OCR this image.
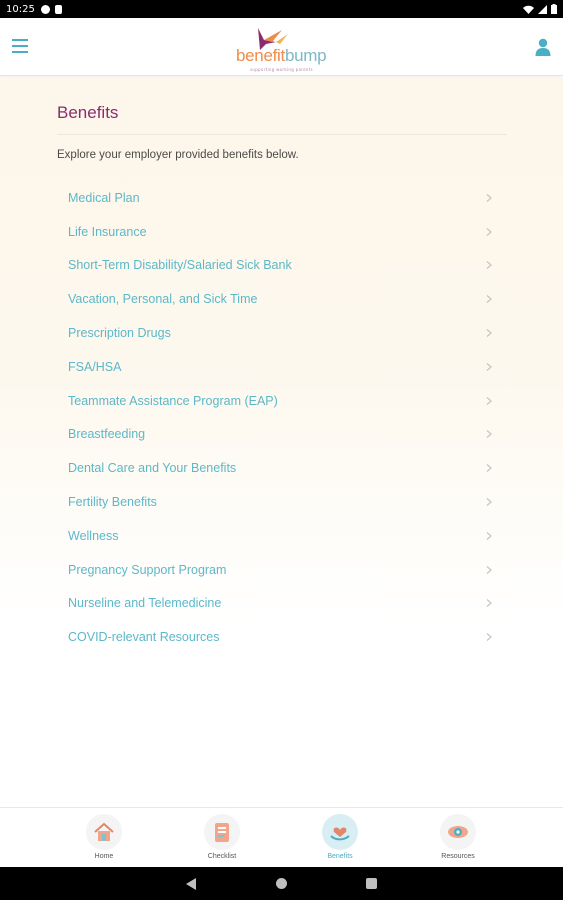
10:25
benefitbump
supporting working parents
Benefits
Explore your employer provided benefits below.
Medical Plan
Life Insurance
Short-Term Disability/Salaried Sick Bank
Vacation, Personal, and Sick Time
Prescription Drugs
FSA/HSA
Teammate Assistance Program (EAP)
Breastfeeding
Dental Care and Your Benefits
Fertility Benefits
Wellness
Pregnancy Support Program
Nurseline and Telemedicine
COVID-relevant Resources
Home	Checklist	Benefits	Resources
